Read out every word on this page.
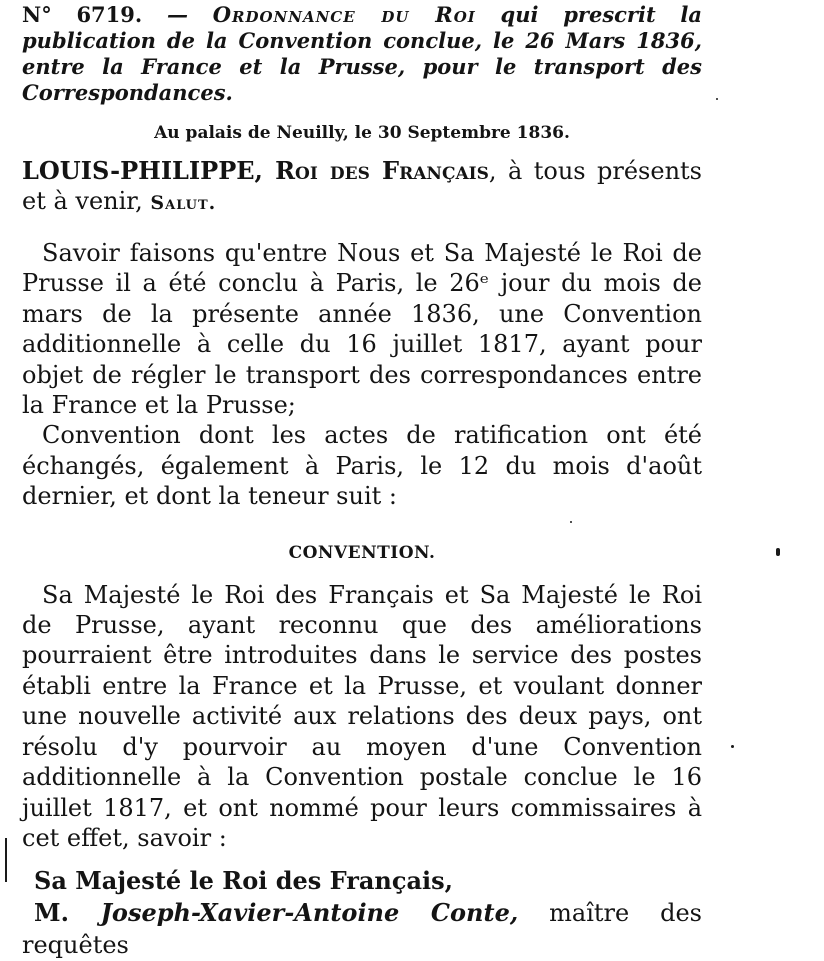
N° 6719. — Ordonnance du Roi qui prescrit la publication de la Convention conclue, le 26 Mars 1836, entre la France et la Prusse, pour le transport des Correspondances.

Au palais de Neuilly, le 30 Septembre 1836.

LOUIS-PHILIPPE, Roi des Français, à tous présents et à venir, Salut.

Savoir faisons qu'entre Nous et Sa Majesté le Roi de Prusse il a été conclu à Paris, le 26ᵉ jour du mois de mars de la présente année 1836, une Convention additionnelle à celle du 16 juillet 1817, ayant pour objet de régler le transport des correspondances entre la France et la Prusse;

Convention dont les actes de ratification ont été échangés, également à Paris, le 12 du mois d'août dernier, et dont la teneur suit :

CONVENTION.

Sa Majesté le Roi des Français et Sa Majesté le Roi de Prusse, ayant reconnu que des améliorations pourraient être introduites dans le service des postes établi entre la France et la Prusse, et voulant donner une nouvelle activité aux relations des deux pays, ont résolu d'y pourvoir au moyen d'une Convention additionnelle à la Convention postale conclue le 16 juillet 1817, et ont nommé pour leurs commissaires à cet effet, savoir :

Sa Majesté le Roi des Français,

M. Joseph-Xavier-Antoine Conte, maître des requêtes
